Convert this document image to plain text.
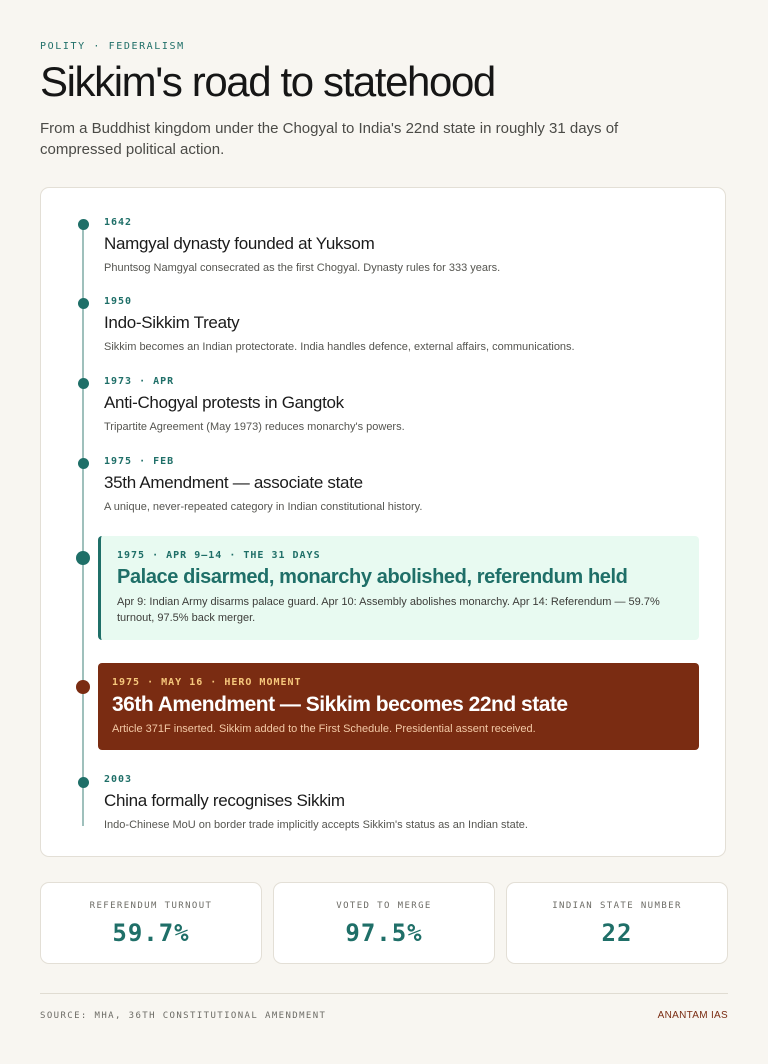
POLITY · FEDERALISM
Sikkim's road to statehood

From a Buddhist kingdom under the Chogyal to India's 22nd state in roughly 31 days of compressed political action.

1642
Namgyal dynasty founded at Yuksom
Phuntsog Namgyal consecrated as the first Chogyal. Dynasty rules for 333 years.
1950
Indo-Sikkim Treaty
Sikkim becomes an Indian protectorate. India handles defence, external affairs, communications.
1973 · APR
Anti-Chogyal protests in Gangtok
Tripartite Agreement (May 1973) reduces monarchy's powers.
1975 · FEB
35th Amendment — associate state
A unique, never-repeated category in Indian constitutional history.
1975 · APR 9–14 · THE 31 DAYS
Palace disarmed, monarchy abolished, referendum held
Apr 9: Indian Army disarms palace guard. Apr 10: Assembly abolishes monarchy. Apr 14: Referendum — 59.7% turnout, 97.5% back merger.
1975 · MAY 16 · HERO MOMENT
36th Amendment — Sikkim becomes 22nd state
Article 371F inserted. Sikkim added to the First Schedule. Presidential assent received.
2003
China formally recognises Sikkim
Indo-Chinese MoU on border trade implicitly accepts Sikkim's status as an Indian state.
REFERENDUM TURNOUT
59.7%
VOTED TO MERGE
97.5%
INDIAN STATE NUMBER
22
SOURCE: MHA, 36TH CONSTITUTIONAL AMENDMENT	ANANTAM IAS
